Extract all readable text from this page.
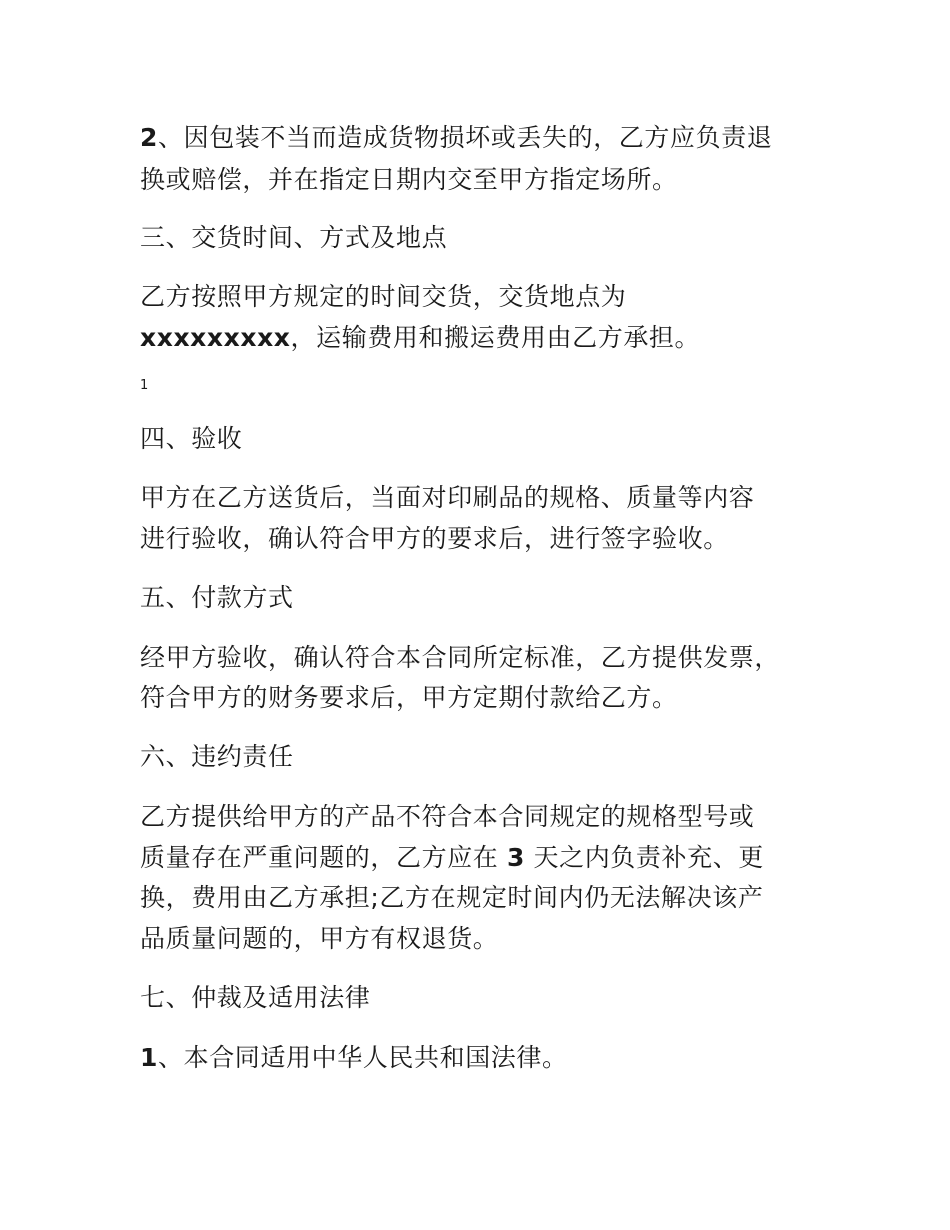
2、因包装不当而造成货物损坏或丢失的，乙方应负责退
换或赔偿，并在指定日期内交至甲方指定场所。
三、交货时间、方式及地点
乙方按照甲方规定的时间交货，交货地点为
xxxxxxxxx，运输费用和搬运费用由乙方承担。
1
四、验收
甲方在乙方送货后，当面对印刷品的规格、质量等内容
进行验收，确认符合甲方的要求后，进行签字验收。
五、付款方式
经甲方验收，确认符合本合同所定标准，乙方提供发票，
符合甲方的财务要求后，甲方定期付款给乙方。
六、违约责任
乙方提供给甲方的产品不符合本合同规定的规格型号或
质量存在严重问题的，乙方应在 3 天之内负责补充、更
换，费用由乙方承担;乙方在规定时间内仍无法解决该产
品质量问题的，甲方有权退货。
七、仲裁及适用法律
1、本合同适用中华人民共和国法律。
